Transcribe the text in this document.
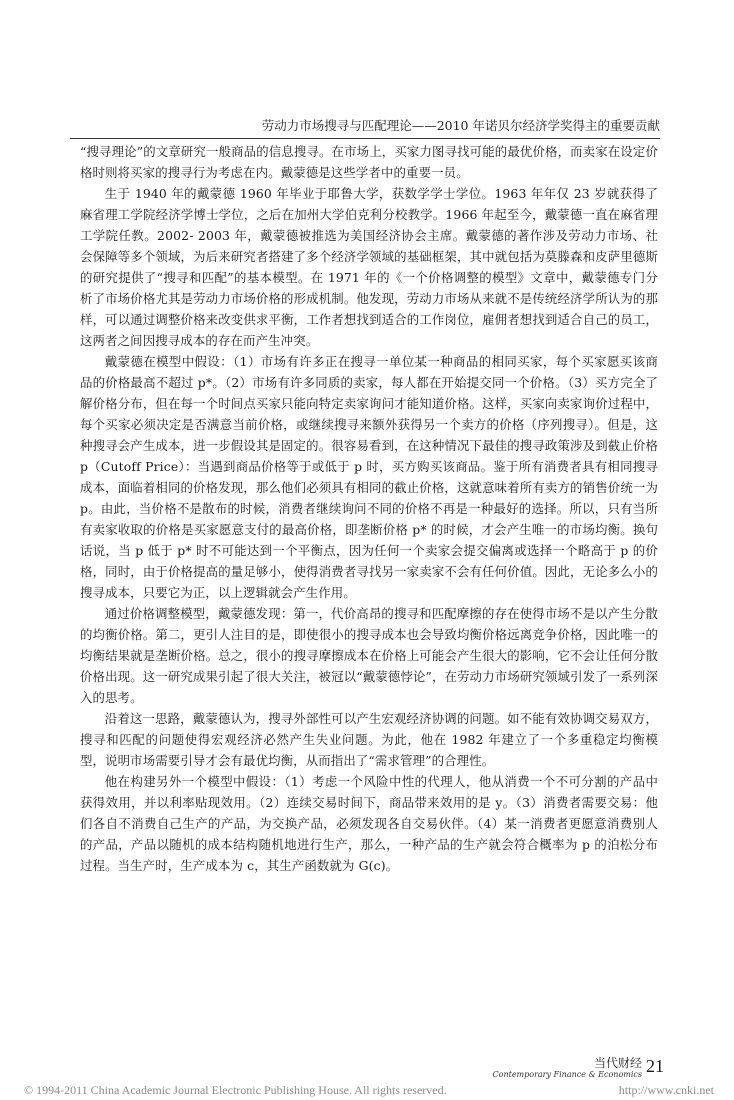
劳动力市场搜寻与匹配理论——2010 年诺贝尔经济学奖得主的重要贡献

“搜寻理论”的文章研究一般商品的信息搜寻。在市场上，买家力图寻找可能的最优价格，而卖家在设定价格时则将买家的搜寻行为考虑在内。戴蒙德是这些学者中的重要一员。

生于 1940 年的戴蒙德 1960 年毕业于耶鲁大学，获数学学士学位。1963 年年仅 23 岁就获得了麻省理工学院经济学博士学位，之后在加州大学伯克利分校教学。1966 年起至今，戴蒙德一直在麻省理工学院任教。2002- 2003 年，戴蒙德被推选为美国经济协会主席。戴蒙德的著作涉及劳动力市场、社会保障等多个领域，为后来研究者搭建了多个经济学领域的基础框架，其中就包括为莫滕森和皮萨里德斯的研究提供了“搜寻和匹配”的基本模型。在 1971 年的《一个价格调整的模型》文章中，戴蒙德专门分析了市场价格尤其是劳动力市场价格的形成机制。他发现，劳动力市场从来就不是传统经济学所认为的那样，可以通过调整价格来改变供求平衡，工作者想找到适合的工作岗位，雇佣者想找到适合自己的员工，这两者之间因搜寻成本的存在而产生冲突。

戴蒙德在模型中假设：（1）市场有许多正在搜寻一单位某一种商品的相同买家，每个买家愿买该商品的价格最高不超过 p*。（2）市场有许多同质的卖家，每人都在开始提交同一个价格。（3）买方完全了解价格分布，但在每一个时间点买家只能向特定卖家询问才能知道价格。这样，买家向卖家询价过程中，每个买家必须决定是否满意当前价格，或继续搜寻来额外获得另一个卖方的价格（序列搜寻）。但是，这种搜寻会产生成本，进一步假设其是固定的。很容易看到，在这种情况下最佳的搜寻政策涉及到截止价格 p（Cutoff Price）：当遇到商品价格等于或低于 p 时，买方购买该商品。鉴于所有消费者具有相同搜寻成本，面临着相同的价格发现，那么他们必须具有相同的截止价格，这就意味着所有卖方的销售价统一为 p。由此，当价格不是散布的时候，消费者继续询问不同的价格不再是一种最好的选择。所以，只有当所有卖家收取的价格是买家愿意支付的最高价格，即垄断价格 p* 的时候，才会产生唯一的市场均衡。换句话说，当 p 低于 p* 时不可能达到一个平衡点，因为任何一个卖家会提交偏离或选择一个略高于 p 的价格，同时，由于价格提高的量足够小，使得消费者寻找另一家卖家不会有任何价值。因此，无论多么小的搜寻成本，只要它为正，以上逻辑就会产生作用。

通过价格调整模型，戴蒙德发现：第一，代价高昂的搜寻和匹配摩擦的存在使得市场不是以产生分散的均衡价格。第二，更引人注目的是，即使很小的搜寻成本也会导致均衡价格远离竞争价格，因此唯一的均衡结果就是垄断价格。总之，很小的搜寻摩擦成本在价格上可能会产生很大的影响，它不会让任何分散价格出现。这一研究成果引起了很大关注，被冠以“戴蒙德悖论”，在劳动力市场研究领域引发了一系列深入的思考。

沿着这一思路，戴蒙德认为，搜寻外部性可以产生宏观经济协调的问题。如不能有效协调交易双方，搜寻和匹配的问题使得宏观经济必然产生失业问题。为此，他在 1982 年建立了一个多重稳定均衡模型，说明市场需要引导才会有最优均衡，从而指出了“需求管理”的合理性。

他在构建另外一个模型中假设：（1）考虑一个风险中性的代理人，他从消费一个不可分割的产品中获得效用，并以利率贴现效用。（2）连续交易时间下，商品带来效用的是 y。（3）消费者需要交易：他们各自不消费自己生产的产品，为交换产品，必须发现各自交易伙伴。（4）某一消费者更愿意消费别人的产品，产品以随机的成本结构随机地进行生产，那么，一种产品的生产就会符合概率为 p 的泊松分布过程。当生产时，生产成本为 c，其生产函数就为 G(c)。

当代财经
Contemporary Finance & Economics 21
© 1994-2011 China Academic Journal Electronic Publishing House. All rights reserved.	http://www.cnki.net
